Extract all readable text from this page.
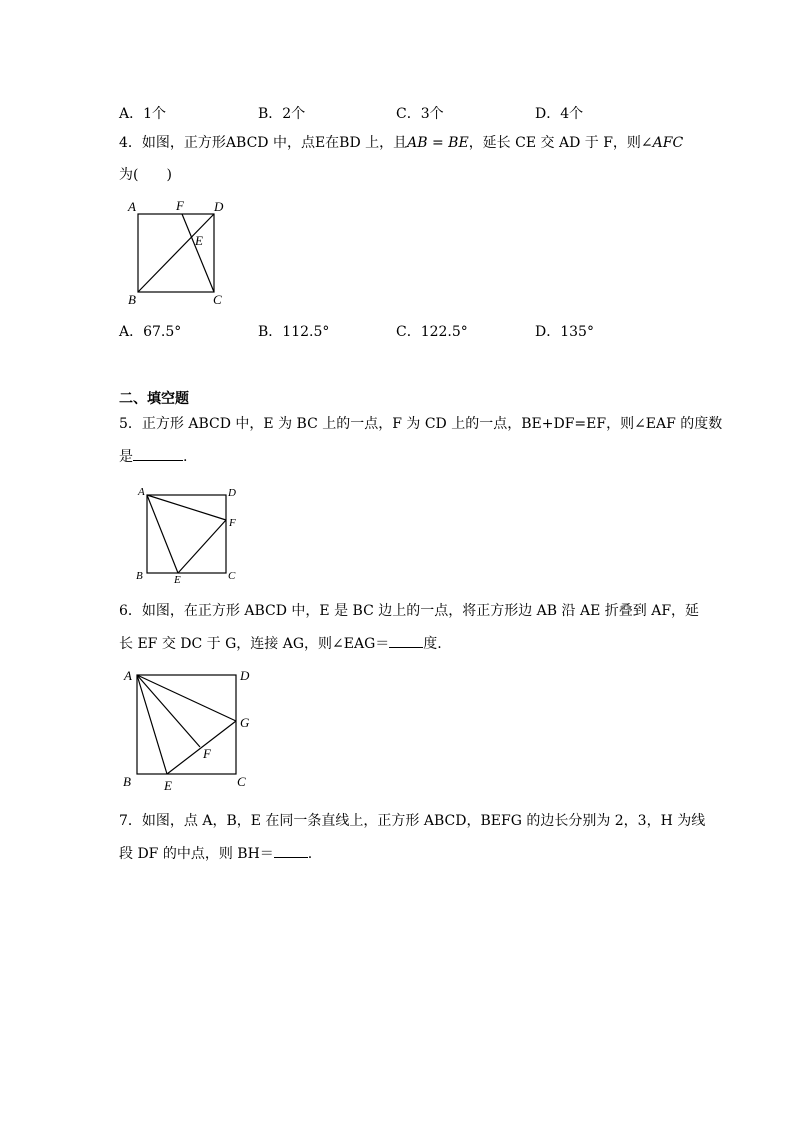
A．1个	B．2个	C．3个	D．4个
4．如图，正方形ABCD 中，点E在BD 上，且AB = BE，延长 CE 交 AD 于 F，则∠AFC
为(　　)
A	F D
E
B	C
A．67.5°	B．112.5°	C．122.5°	D．135°
二、填空题
5．正方形 ABCD 中，E 为 BC 上的一点，F 为 CD 上的一点，BE+DF=EF，则∠EAF 的度数
是	.
A	D
F
B	E	C
6．如图，在正方形 ABCD 中，E 是 BC 边上的一点，将正方形边 AB 沿 AE 折叠到 AF，延
长 EF 交 DC 于 G，连接 AG，则∠EAG＝ 度.
A	D
G
F
B	E	C
7．如图，点 A，B，E 在同一条直线上，正方形 ABCD，BEFG 的边长分别为 2，3，H 为线
段 DF 的中点，则 BH＝ .
